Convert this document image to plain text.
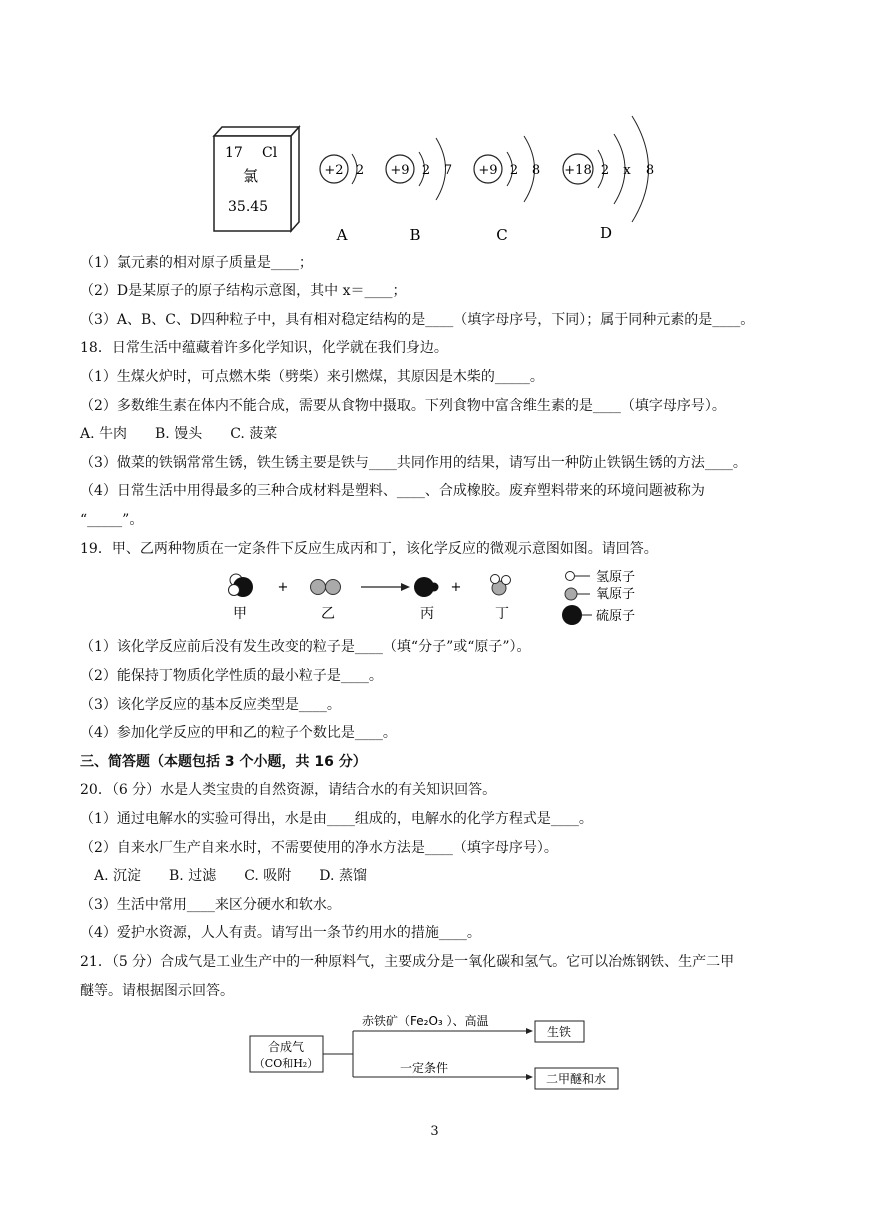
17 Cl
氯
35.45
+2 2
A
+9 2 7
B
+9 2 8
C
+18 2 x 8
D
（1）氯元素的相对原子质量是____；
（2）D是某原子的原子结构示意图，其中 x＝____；
（3）A、B、C、D四种粒子中，具有相对稳定结构的是____（填字母序号，下同）；属于同种元素的是____。
18．日常生活中蕴藏着许多化学知识，化学就在我们身边。
（1）生煤火炉时，可点燃木柴（劈柴）来引燃煤，其原因是木柴的_____。
（2）多数维生素在体内不能合成，需要从食物中摄取。下列食物中富含维生素的是____（填字母序号）。
A. 牛肉　　B. 馒头　　C. 菠菜
（3）做菜的铁锅常常生锈，铁生锈主要是铁与____共同作用的结果，请写出一种防止铁锅生锈的方法____。
（4）日常生活中用得最多的三种合成材料是塑料、____、合成橡胶。废弃塑料带来的环境问题被称为
“_____”。
19．甲、乙两种物质在一定条件下反应生成丙和丁，该化学反应的微观示意图如图。请回答。
+	+
甲	乙	丙	丁
氢原子
氧原子
硫原子
（1）该化学反应前后没有发生改变的粒子是____（填“分子”或“原子”）。
（2）能保持丁物质化学性质的最小粒子是____。
（3）该化学反应的基本反应类型是____。
（4）参加化学反应的甲和乙的粒子个数比是____。
三、简答题（本题包括 3 个小题，共 16 分）
20．（6 分）水是人类宝贵的自然资源，请结合水的有关知识回答。
（1）通过电解水的实验可得出，水是由____组成的，电解水的化学方程式是____。
（2）自来水厂生产自来水时，不需要使用的净水方法是____（填字母序号）。
　A. 沉淀　　B. 过滤　　C. 吸附　　D. 蒸馏
（3）生活中常用____来区分硬水和软水。
（4）爱护水资源，人人有责。请写出一条节约用水的措施____。
21．（5 分）合成气是工业生产中的一种原料气，主要成分是一氧化碳和氢气。它可以冶炼钢铁、生产二甲
醚等。请根据图示回答。
合成气
（CO和H₂）
赤铁矿（Fe₂O₃ ）、高温
一定条件
生铁
二甲醚和水
3
